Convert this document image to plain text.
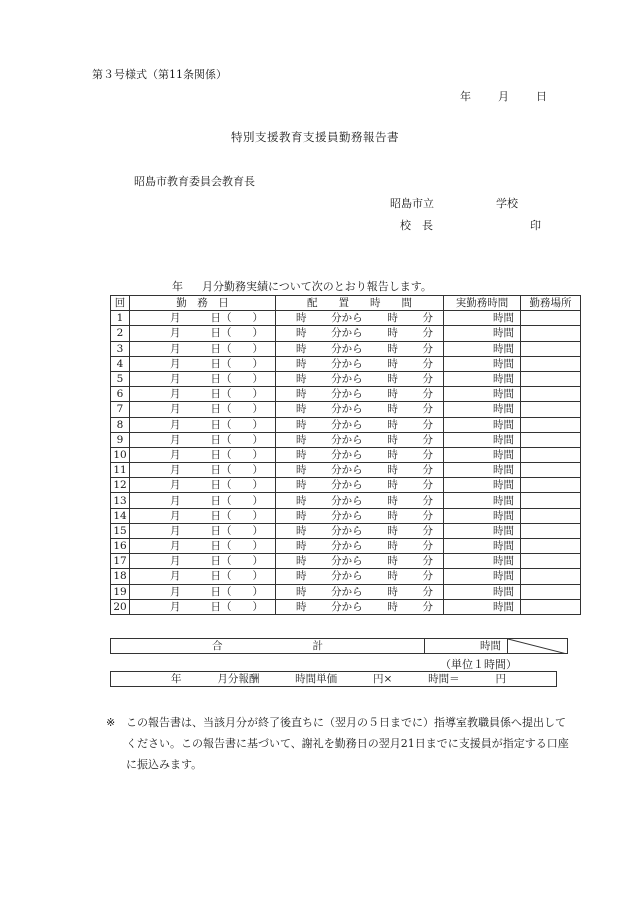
第３号様式（第11条関係）
年 月 日
特別支援教育支援員勤務報告書
昭島市教育委員会教育長
昭島市立	学校
校　長	印
年 月分勤務実績について次のとおり報告します。
回	勤　務　日	配　　置　　時　　間	実勤務時間	勤務場所
1	月 日（　　）	時 分から 時 分	時間	
2	月 日（　　）	時 分から 時 分	時間	
3	月 日（　　）	時 分から 時 分	時間	
4	月 日（　　）	時 分から 時 分	時間	
5	月 日（　　）	時 分から 時 分	時間	
6	月 日（　　）	時 分から 時 分	時間	
7	月 日（　　）	時 分から 時 分	時間	
8	月 日（　　）	時 分から 時 分	時間	
9	月 日（　　）	時 分から 時 分	時間	
10	月 日（　　）	時 分から 時 分	時間	
11	月 日（　　）	時 分から 時 分	時間	
12	月 日（　　）	時 分から 時 分	時間	
13	月 日（　　）	時 分から 時 分	時間	
14	月 日（　　）	時 分から 時 分	時間	
15	月 日（　　）	時 分から 時 分	時間	
16	月 日（　　）	時 分から 時 分	時間	
17	月 日（　　）	時 分から 時 分	時間	
18	月 日（　　）	時 分から 時 分	時間	
19	月 日（　　）	時 分から 時 分	時間	
20	月 日（　　）	時 分から 時 分	時間	
合	計	時間	
（単位１時間）
年	月分報酬	時間単価	円×	時間＝	円
※ この報告書は、当該月分が終了後直ちに（翌月の５日までに）指導室教職員係へ提出してください。この報告書に基づいて、謝礼を勤務日の翌月21日までに支援員が指定する口座に振込みます。
